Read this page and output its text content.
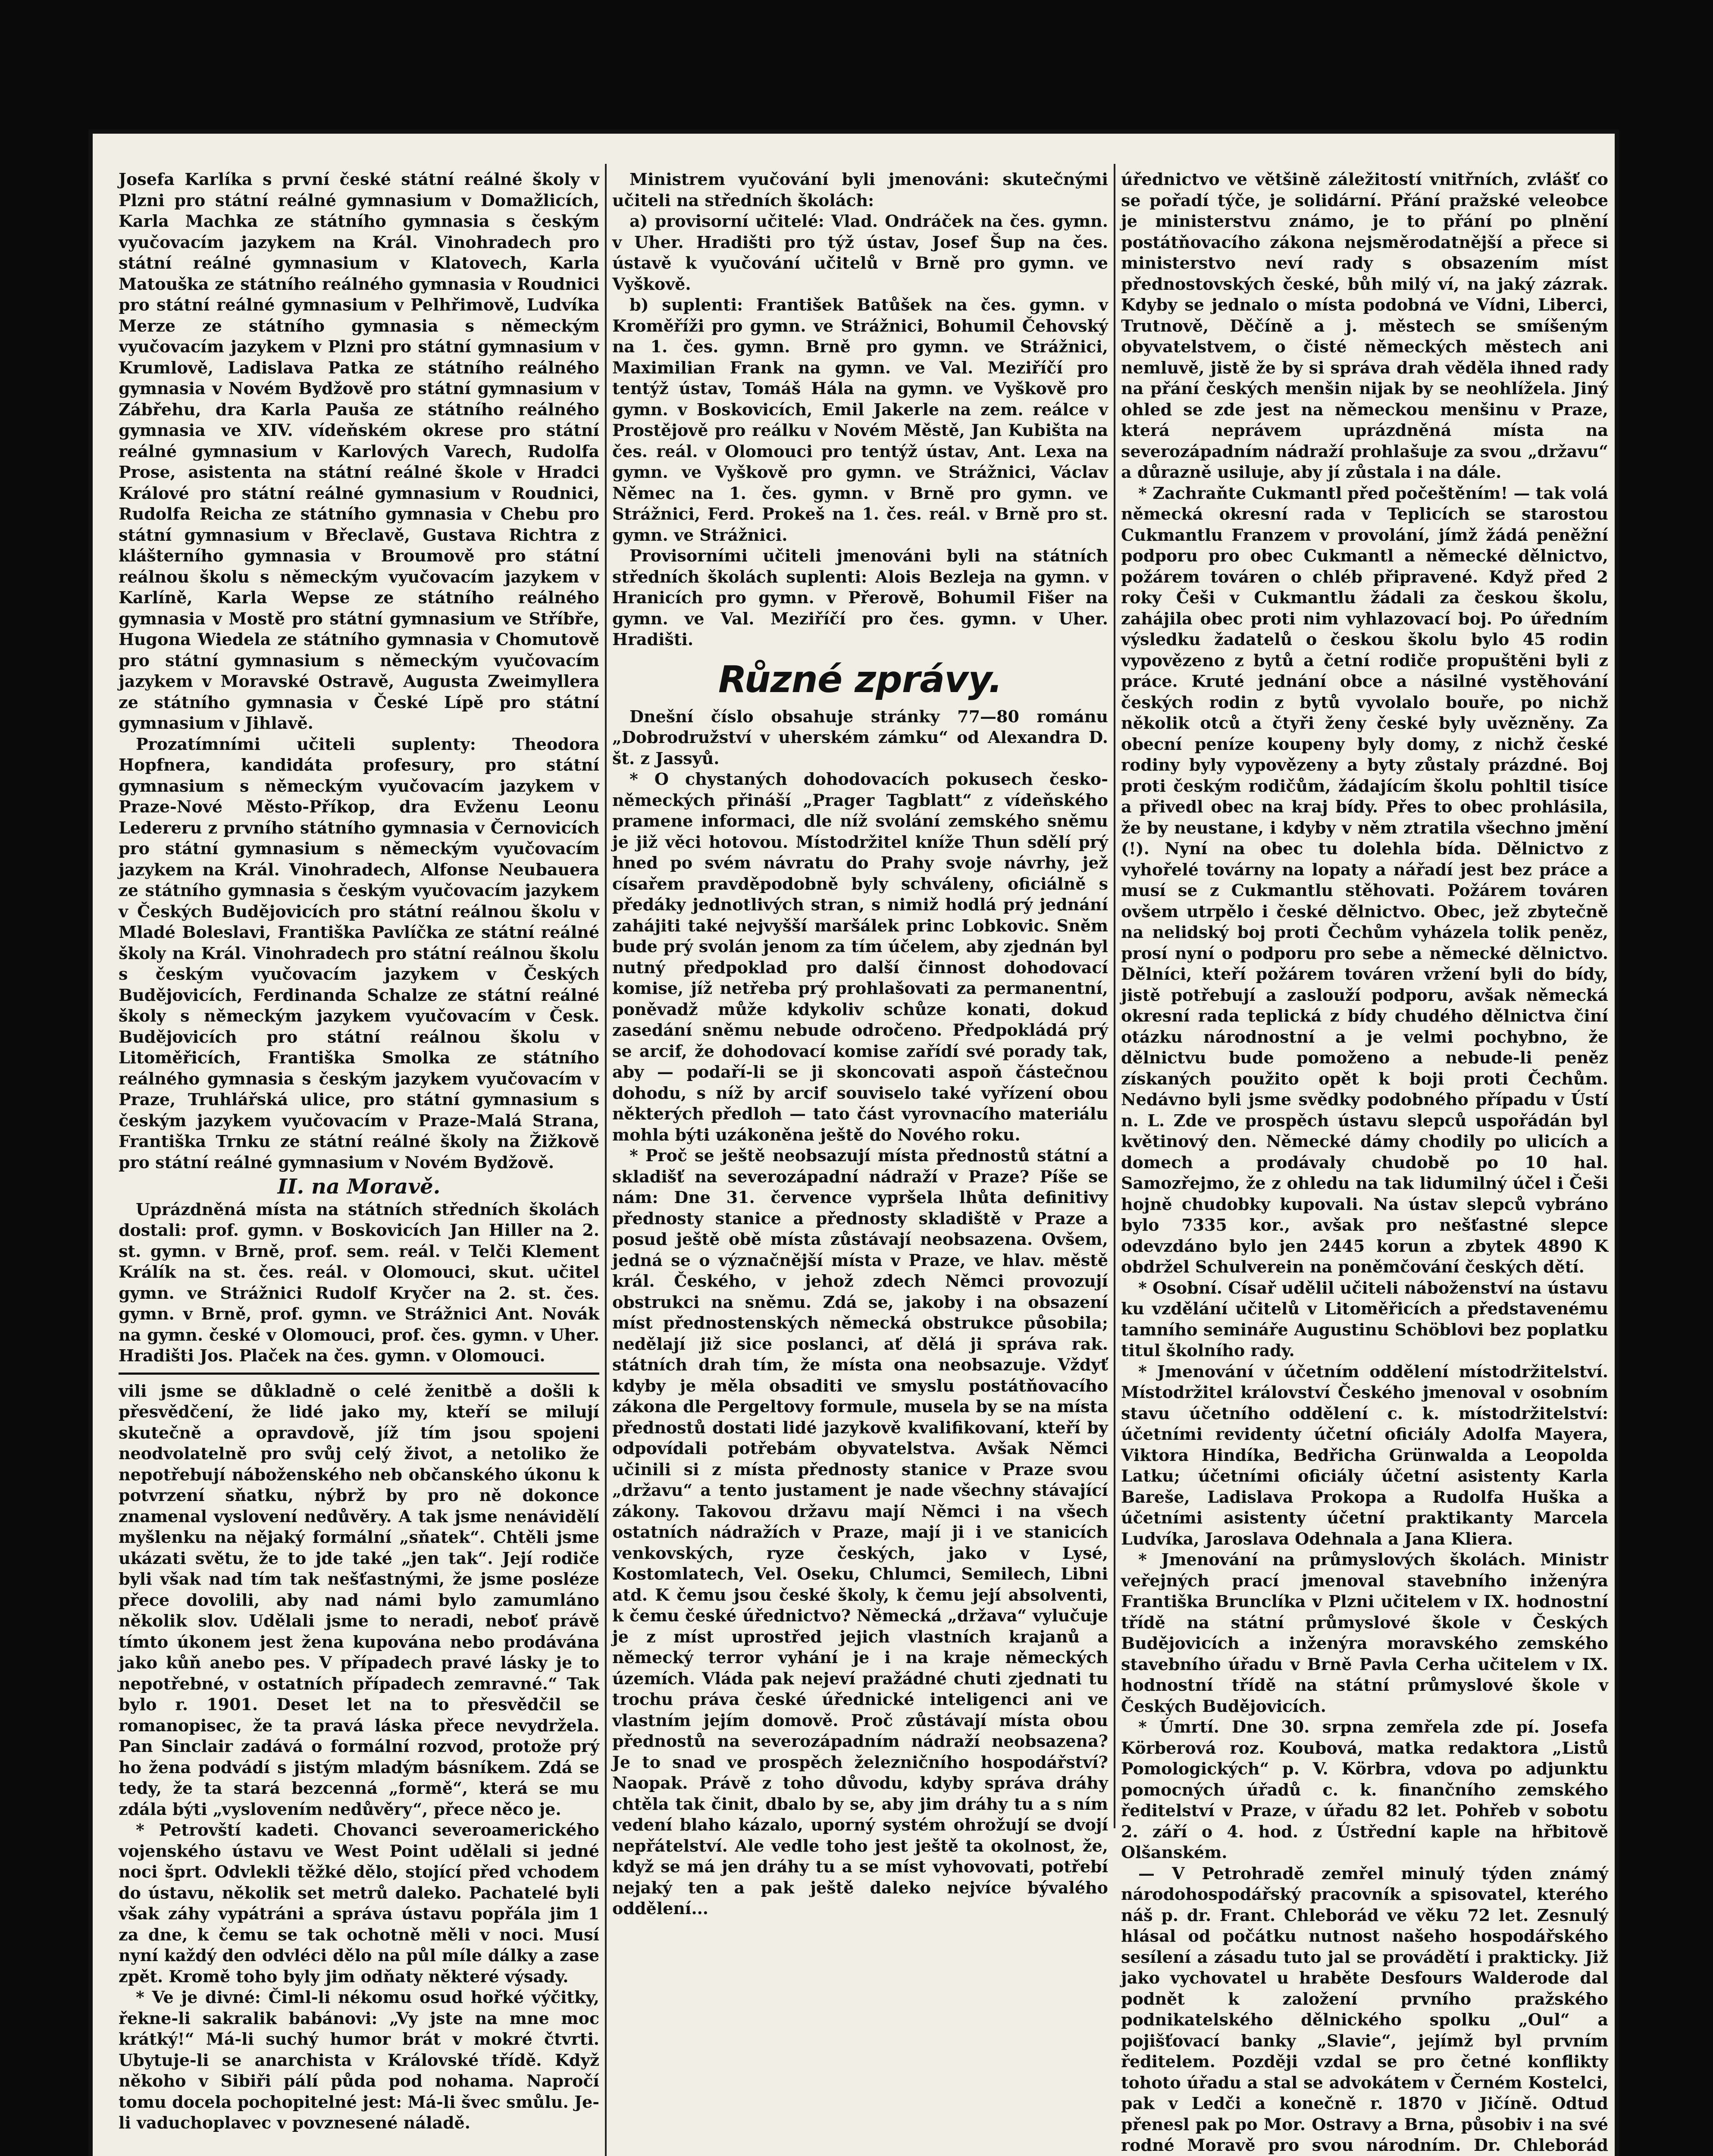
Josefa Karlíka s první české státní reálné školy v Plzni pro státní reálné gymnasium v Domažlicích, Karla Machka ze státního gymnasia s českým vyučovacím jazykem na Král. Vinohradech pro státní reálné gymnasium v Klatovech, Karla Matouška ze státního reálného gymnasia v Roudnici pro státní reálné gymnasium v Pelhřimově, Ludvíka Merze ze státního gymnasia s německým vyučovacím jazykem v Plzni pro státní gymnasium v Krumlově, Ladislava Patka ze státního reálného gymnasia v Novém Bydžově pro státní gymnasium v Zábřehu, dra Karla Pauša ze státního reálného gymnasia ve XIV. vídeňském okrese pro státní reálné gymnasium v Karlových Varech, Rudolfa Prose, asistenta na státní reálné škole v Hradci Králové pro státní reálné gymnasium v Roudnici, Rudolfa Reicha ze státního gymnasia v Chebu pro státní gymnasium v Břeclavě, Gustava Richtra z klášterního gymnasia v Broumově pro státní reálnou školu s německým vyučovacím jazykem v Karlíně, Karla Wepse ze státního reálného gymnasia v Mostě pro státní gymnasium ve Stříbře, Hugona Wiedela ze státního gymnasia v Chomutově pro státní gymnasium s německým vyučovacím jazykem v Moravské Ostravě, Augusta Zweimyllera ze státního gymnasia v České Lípě pro státní gymnasium v Jihlavě.

Prozatímními učiteli suplenty: Theodora Hopfnera, kandidáta profesury, pro státní gymnasium s německým vyučovacím jazykem v Praze-Nové Město-Příkop, dra Evženu Leonu Ledereru z prvního státního gymnasia v Černovicích pro státní gymnasium s německým vyučovacím jazykem na Král. Vinohradech, Alfonse Neubauera ze státního gymnasia s českým vyučovacím jazykem v Českých Budějovicích pro státní reálnou školu v Mladé Boleslavi, Františka Pavlíčka ze státní reálné školy na Král. Vinohradech pro státní reálnou školu s českým vyučovacím jazykem v Českých Budějovicích, Ferdinanda Schalze ze státní reálné školy s německým jazykem vyučovacím v Česk. Budějovicích pro státní reálnou školu v Litoměřicích, Františka Smolka ze státního reálného gymnasia s českým jazykem vyučovacím v Praze, Truhlářská ulice, pro státní gymnasium s českým jazykem vyučovacím v Praze-Malá Strana, Františka Trnku ze státní reálné školy na Žižkově pro státní reálné gymnasium v Novém Bydžově.

II. na Moravě.

Uprázdněná místa na státních středních školách dostali: prof. gymn. v Boskovicích Jan Hiller na 2. st. gymn. v Brně, prof. sem. reál. v Telči Klement Králík na st. čes. reál. v Olomouci, skut. učitel gymn. ve Strážnici Rudolf Kryčer na 2. st. čes. gymn. v Brně, prof. gymn. ve Strážnici Ant. Novák na gymn. české v Olomouci, prof. čes. gymn. v Uher. Hradišti Jos. Plaček na čes. gymn. v Olomouci.

vili jsme se důkladně o celé ženitbě a došli k přesvědčení, že lidé jako my, kteří se milují skutečně a opravdově, jíž tím jsou spojeni neodvolatelně pro svůj celý život, a netoliko že nepotřebují náboženského neb občanského úkonu k potvrzení sňatku, nýbrž by pro ně dokonce znamenal vyslovení nedůvěry. A tak jsme nenávidělí myšlenku na nějaký formální „sňatek“. Chtěli jsme ukázati světu, že to jde také „jen tak“. Její rodiče byli však nad tím tak nešťastnými, že jsme posléze přece dovolili, aby nad námi bylo zamumláno několik slov. Udělali jsme to neradi, neboť právě tímto úkonem jest žena kupována nebo prodávána jako kůň anebo pes. V případech pravé lásky je to nepotřebné, v ostatních případech zemravné.“ Tak bylo r. 1901. Deset let na to přesvědčil se romanopisec, že ta pravá láska přece nevydržela. Pan Sinclair zadává o formální rozvod, protože prý ho žena podvádí s jistým mladým básníkem. Zdá se tedy, že ta stará bezcenná „formě“, která se mu zdála býti „vyslovením nedůvěry“, přece něco je.

* Petrovští kadeti. Chovanci severoamerického vojenského ústavu ve West Point udělali si jedné noci šprt. Odvlekli těžké dělo, stojící před vchodem do ústavu, několik set metrů daleko. Pachatelé byli však záhy vypátráni a správa ústavu popřála jim 1 za dne, k čemu se tak ochotně měli v noci. Musí nyní každý den odvléci dělo na půl míle dálky a zase zpět. Kromě toho byly jim odňaty některé výsady.

* Ve je divné: Čiml-li nékomu osud hořké výčitky, řekne-li sakralik babánovi: „Vy jste na mne moc krátký!“ Má-li suchý humor brát v mokré čtvrti. Ubytuje-li se anarchista v Královské třídě. Když někoho v Sibiři pálí půda pod nohama. Napročí tomu docela pochopitelné jest: Má-li švec smůlu. Je-li vaduchoplavec v povznesené náladě.

Ministrem vyučování byli jmenováni: skutečnými učiteli na středních školách:

a) provisorní učitelé: Vlad. Ondráček na čes. gymn. v Uher. Hradišti pro týž ústav, Josef Šup na čes. ústavě k vyučování učitelů v Brně pro gymn. ve Vyškově.

b) suplenti: František Batůšek na čes. gymn. v Kroměříži pro gymn. ve Strážnici, Bohumil Čehovský na 1. čes. gymn. Brně pro gymn. ve Strážnici, Maximilian Frank na gymn. ve Val. Meziříčí pro tentýž ústav, Tomáš Hála na gymn. ve Vyškově pro gymn. v Boskovicích, Emil Jakerle na zem. reálce v Prostějově pro reálku v Novém Městě, Jan Kubišta na čes. reál. v Olomouci pro tentýž ústav, Ant. Lexa na gymn. ve Vyškově pro gymn. ve Strážnici, Václav Němec na 1. čes. gymn. v Brně pro gymn. ve Strážnici, Ferd. Prokeš na 1. čes. reál. v Brně pro st. gymn. ve Strážnici.

Provisorními učiteli jmenováni byli na státních středních školách suplenti: Alois Bezleja na gymn. v Hranicích pro gymn. v Přerově, Bohumil Fišer na gymn. ve Val. Meziříčí pro čes. gymn. v Uher. Hradišti.

Různé zprávy.

Dnešní číslo obsahuje stránky 77—80 románu „Dobrodružství v uherském zámku“ od Alexandra D. št. z Jassyů.

* O chystaných dohodovacích pokusech českoněmeckých přináší „Prager Tagblatt“ z vídeňského pramene informaci, dle níž svolání zemského sněmu je již věci hotovou. Místodržitel kníže Thun sdělí prý hned po svém návratu do Prahy svoje návrhy, jež císařem pravděpodobně byly schváleny, oficiálně s předáky jednotlivých stran, s nimiž hodlá prý jednání zahájiti také nejvyšší maršálek princ Lobkovic. Sněm bude prý svolán jenom za tím účelem, aby zjednán byl nutný předpoklad pro další činnost dohodovací komise, jíž netřeba prý prohlašovati za permanentní, poněvadž může kdykoliv schůze konati, dokud zasedání sněmu nebude odročeno. Předpokládá prý se arcif, že dohodovací komise zařídí své porady tak, aby — podaří-li se ji skoncovati aspoň částečnou dohodu, s níž by arcif souviselo také vyřízení obou některých předloh — tato část vyrovnacího materiálu mohla býti uzákoněna ještě do Nového roku.

* Proč se ještě neobsazují místa přednostů státní a skladišť na severozápadní nádraží v Praze? Píše se nám: Dne 31. července vypršela lhůta definitivy přednosty stanice a přednosty skladiště v Praze a posud ještě obě místa zůstávají neobsazena. Ovšem, jedná se o význačnější místa v Praze, ve hlav. městě král. Českého, v jehož zdech Němci provozují obstrukci na sněmu. Zdá se, jakoby i na obsazení míst přednostenských německá obstrukce působila; nedělají již sice poslanci, ať dělá ji správa rak. státních drah tím, že místa ona neobsazuje. Vždyť kdyby je měla obsaditi ve smyslu postátňovacího zákona dle Pergeltovy formule, musela by se na místa přednostů dostati lidé jazykově kvalifikovaní, kteří by odpovídali potřebám obyvatelstva. Avšak Němci učinili si z místa přednosty stanice v Praze svou „državu“ a tento justament je nade všechny stávající zákony. Takovou državu mají Němci i na všech ostatních nádražích v Praze, mají ji i ve stanicích venkovských, ryze českých, jako v Lysé, Kostomlatech, Vel. Oseku, Chlumci, Semilech, Libni atd. K čemu jsou české školy, k čemu její absolventi, k čemu české úřednictvo? Německá „država“ vylučuje je z míst uprostřed jejich vlastních krajanů a německý terror vyhání je i na kraje německých územích. Vláda pak nejeví pražádné chuti zjednati tu trochu práva české úřednické inteligenci ani ve vlastním jejím domově. Proč zůstávají místa obou přednostů na severozápadním nádraží neobsazena? Je to snad ve prospěch železničního hospodářství? Naopak. Právě z toho důvodu, kdyby správa dráhy chtěla tak činit, dbalo by se, aby jim dráhy tu a s ním vedení blaho kázalo, uporný systém ohrožují se dvojí nepřátelství. Ale vedle toho jest ještě ta okolnost, že, když se má jen dráhy tu a se míst vyhovovati, potřebí nejaký ten a pak ještě daleko nejvíce bývalého oddělení...

úřednictvo ve většině záležitostí vnitřních, zvlášť co se pořadí týče, je solidární. Přání pražské veleobce je ministerstvu známo, je to přání po plnění postátňovacího zákona nejsměrodatnější a přece si ministerstvo neví rady s obsazením míst přednostovských české, bůh milý ví, na jaký zázrak. Kdyby se jednalo o místa podobná ve Vídni, Liberci, Trutnově, Děčíně a j. městech se smíšeným obyvatelstvem, o čisté německých městech ani nemluvě, jistě že by si správa drah věděla ihned rady na přání českých menšin nijak by se neohlížela. Jiný ohled se zde jest na německou menšinu v Praze, která neprávem uprázdněná místa na severozápadním nádraží prohlašuje za svou „državu“ a důrazně usiluje, aby jí zůstala i na dále.

* Zachraňte Cukmantl před počeštěním! — tak volá německá okresní rada v Teplicích se starostou Cukmantlu Franzem v provolání, jímž žádá peněžní podporu pro obec Cukmantl a německé dělnictvo, požárem továren o chléb připravené. Když před 2 roky Češi v Cukmantlu žádali za českou školu, zahájila obec proti nim vyhlazovací boj. Po úředním výsledku žadatelů o českou školu bylo 45 rodin vypovězeno z bytů a četní rodiče propuštěni byli z práce. Kruté jednání obce a násilné vystěhování českých rodin z bytů vyvolalo bouře, po nichž několik otců a čtyři ženy české byly uvězněny. Za obecní peníze koupeny byly domy, z nichž české rodiny byly vypovězeny a byty zůstaly prázdné. Boj proti českým rodičům, žádajícím školu pohltil tisíce a přivedl obec na kraj bídy. Přes to obec prohlásila, že by neustane, i kdyby v něm ztratila všechno jmění (!). Nyní na obec tu dolehla bída. Dělnictvo z vyhořelé továrny na lopaty a nářadí jest bez práce a musí se z Cukmantlu stěhovati. Požárem továren ovšem utrpělo i české dělnictvo. Obec, jež zbytečně na nelidský boj proti Čechům vyházela tolik peněz, prosí nyní o podporu pro sebe a německé dělnictvo. Dělníci, kteří požárem továren vržení byli do bídy, jistě potřebují a zaslouží podporu, avšak německá okresní rada teplická z bídy chudého dělnictva činí otázku národnostní a je velmi pochybno, že dělnictvu bude pomoženo a nebude-li peněz získaných použito opět k boji proti Čechům. Nedávno byli jsme svědky podobného případu v Ústí n. L. Zde ve prospěch ústavu slepců uspořádán byl květinový den. Německé dámy chodily po ulicích a domech a prodávaly chudobě po 10 hal. Samozřejmo, že z ohledu na tak lidumilný účel i Češi hojně chudobky kupovali. Na ústav slepců vybráno bylo 7335 kor., avšak pro nešťastné slepce odevzdáno bylo jen 2445 korun a zbytek 4890 K obdržel Schulverein na poněmčování českých dětí.

* Osobní. Císař udělil učiteli náboženství na ústavu ku vzdělání učitelů v Litoměřicích a představenému tamního semináře Augustinu Schöblovi bez poplatku titul školního rady.

* Jmenování v účetním oddělení místodržitelství. Místodržitel království Českého jmenoval v osobním stavu účetního oddělení c. k. místodržitelství: účetními revidenty účetní oficiály Adolfa Mayera, Viktora Hindíka, Bedřicha Grünwalda a Leopolda Latku; účetními oficiály účetní asistenty Karla Bareše, Ladislava Prokopa a Rudolfa Huška a účetními asistenty účetní praktikanty Marcela Ludvíka, Jaroslava Odehnala a Jana Kliera.

* Jmenování na průmyslových školách. Ministr veřejných prací jmenoval stavebního inženýra Františka Brunclíka v Plzni učitelem v IX. hodnostní třídě na státní průmyslové škole v Českých Budějovicích a inženýra moravského zemského stavebního úřadu v Brně Pavla Cerha učitelem v IX. hodnostní třídě na státní průmyslové škole v Českých Budějovicích.

* Úmrtí. Dne 30. srpna zemřela zde pí. Josefa Körberová roz. Koubová, matka redaktora „Listů Pomologických“ p. V. Körbra, vdova po adjunktu pomocných úřadů c. k. finančního zemského ředitelství v Praze, v úřadu 82 let. Pohřeb v sobotu 2. září o 4. hod. z Ústřední kaple na hřbitově Olšanském.

— V Petrohradě zemřel minulý týden známý národohospodářský pracovník a spisovatel, kterého náš p. dr. Frant. Chleborád ve věku 72 let. Zesnulý hlásal od počátku nutnost našeho hospodářského sesílení a zásadu tuto jal se provádětí i prakticky. Již jako vychovatel u hraběte Desfours Walderode dal podnět k založení prvního pražského podnikatelského dělnického spolku „Oul“ a pojišťovací banky „Slavie“, jejímž byl prvním ředitelem. Později vzdal se pro četné konflikty tohoto úřadu a stal se advokátem v Černém Kostelci, pak v Ledči a konečně r. 1870 v Jičíně. Odtud přenesl pak po Mor. Ostravy a Brna, působiv i na své rodné Moravě pro svou národním. Dr. Chleborád
